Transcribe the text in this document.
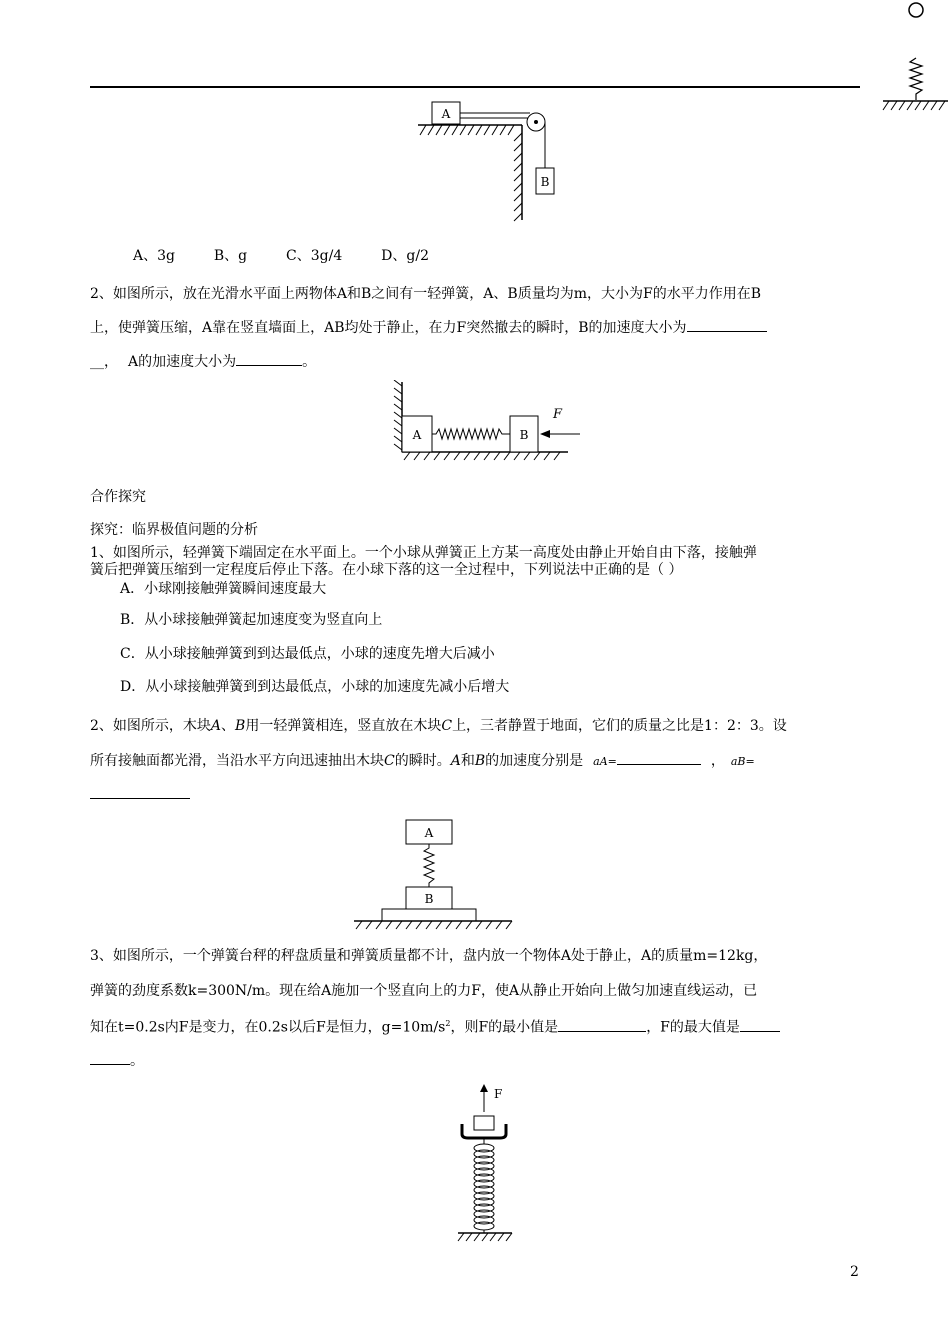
A
B
A、3g	B、g	C、3g/4	D、g/2
2、如图所示，放在光滑水平面上两物体A和B之间有一轻弹簧，A、B质量均为m，大小为F的水平力作用在B
上，使弹簧压缩，A靠在竖直墙面上，AB均处于静止，在力F突然撤去的瞬时，B的加速度大小为
__， A的加速度大小为	。
A	B
F
合作探究
探究：临界极值问题的分析
1、如图所示，轻弹簧下端固定在水平面上。一个小球从弹簧正上方某一高度处由静止开始自由下落，接触弹
簧后把弹簧压缩到一定程度后停止下落。在小球下落的这一全过程中，下列说法中正确的是（ ）
A．小球刚接触弹簧瞬间速度最大
B．从小球接触弹簧起加速度变为竖直向上
C．从小球接触弹簧到到达最低点，小球的速度先增大后减小
D．从小球接触弹簧到到达最低点，小球的加速度先减小后增大
2、如图所示，木块A、B用一轻弹簧相连，竖直放在木块C上，三者静置于地面，它们的质量之比是1：2：3。设
所有接触面都光滑，当沿水平方向迅速抽出木块C的瞬时。A和B的加速度分别是 aA=	， aB=
A
B
3、如图所示，一个弹簧台秤的秤盘质量和弹簧质量都不计，盘内放一个物体A处于静止，A的质量m=12kg，
弹簧的劲度系数k=300N/m。现在给A施加一个竖直向上的力F，使A从静止开始向上做匀加速直线运动，已
知在t=0.2s内F是变力，在0.2s以后F是恒力，$g=10m/s^2$，则F的最小值是	，F的最大值是
。
F
2
